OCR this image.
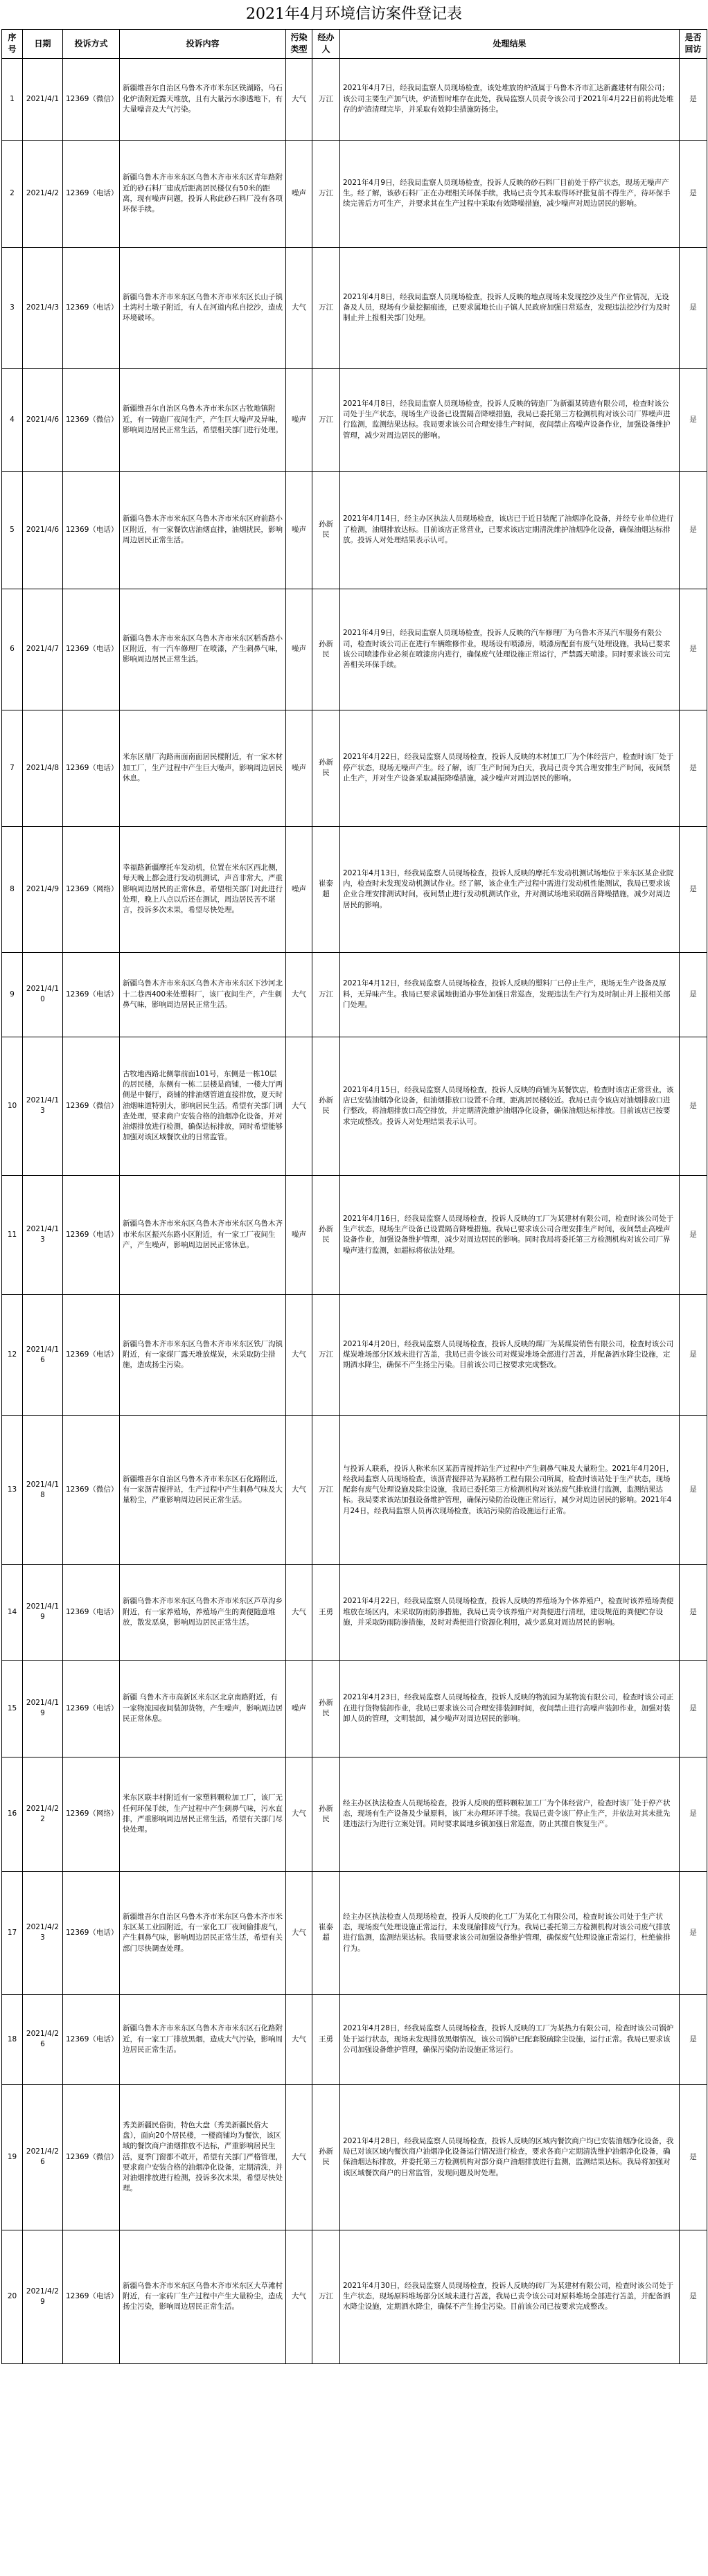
2021年4月环境信访案件登记表
序号	日期	投诉方式	投诉内容	污染类型	经办人	处理结果	是否回访
1	2021/4/1	12369（微信）	新疆维吾尔自治区乌鲁木齐市米东区铁湖路，乌石化炉渣附近露天堆放，且有大量污水渗透地下，有大量噪音及大气污染。	大气	万江	2021年4月7日，经我局监察人员现场检查，该处堆放的炉渣属于乌鲁木齐市汇达新鑫建材有限公司；该公司主要生产加气块，炉渣暂时堆存在此处，我局监察人员责令该公司于2021年4月22日前将此处堆存的炉渣清理完毕，并采取有效抑尘措施防扬尘。	是
2	2021/4/2	12369（电话）	新疆乌鲁木齐市米东区乌鲁木齐市米东区青年路附近的砂石料厂建成后距离居民楼仅有50米的距离，现有噪声问题，投诉人称此砂石料厂没有各项环保手续。	噪声	万江	2021年4月9日，经我局监察人员现场检查，投诉人反映的砂石料厂目前处于停产状态，现场无噪声产生。经了解，该砂石料厂正在办理相关环保手续，我局已责令其未取得环评批复前不得生产，待环保手续完善后方可生产，并要求其在生产过程中采取有效降噪措施，减少噪声对周边居民的影响。	是
3	2021/4/3	12369（电话）	新疆乌鲁木齐市米东区乌鲁木齐市米东区长山子镇土湾村土墩子附近，有人在河道内私自挖沙，造成环境破坏。	大气	万江	2021年4月8日，经我局监察人员现场检查，投诉人反映的地点现场未发现挖沙及生产作业情况，无设备及人员，现场有少量挖掘痕迹，已要求属地长山子镇人民政府加强日常巡查，发现违法挖沙行为及时制止并上报相关部门处理。	是
4	2021/4/6	12369（微信）	新疆维吾尔自治区乌鲁木齐市米东区古牧地镇附近，有一铸造厂夜间生产，产生巨大噪声及异味，影响周边居民正常生活，希望相关部门进行处理。	噪声	万江	2021年4月8日，经我局监察人员现场检查，投诉人反映的铸造厂为新疆某铸造有限公司，检查时该公司处于生产状态，现场生产设备已设置隔音降噪措施，我局已委托第三方检测机构对该公司厂界噪声进行监测，监测结果达标。我局要求该公司合理安排生产时间，夜间禁止高噪声设备作业，加强设备维护管理，减少对周边居民的影响。	是
5	2021/4/6	12369（电话）	新疆乌鲁木齐市米东区乌鲁木齐市米东区府前路小区附近，有一家餐饮店油烟直排，油烟扰民，影响周边居民正常生活。	噪声	孙新民	2021年4月14日，经主办区执法人员现场检查，该店已于近日装配了油烟净化设备，并经专业单位进行了检测，油烟排放达标。目前该店正常营业，已要求该店定期清洗维护油烟净化设备，确保油烟达标排放。投诉人对处理结果表示认可。	是
6	2021/4/7	12369（电话）	新疆乌鲁木齐市米东区乌鲁木齐市米东区稻香路小区附近，有一汽车修理厂在喷漆，产生刺鼻气味，影响周边居民正常生活。	噪声	孙新民	2021年4月9日，经我局监察人员现场检查，投诉人反映的汽车修理厂为乌鲁木齐某汽车服务有限公司，检查时该公司正在进行车辆维修作业，现场设有喷漆房，喷漆房配套有废气处理设施，我局已要求该公司喷漆作业必须在喷漆房内进行，确保废气处理设施正常运行，严禁露天喷漆。同时要求该公司完善相关环保手续。	是
7	2021/4/8	12369（电话）	米东区鼎厂沟路南面南面居民楼附近，有一家木材加工厂，生产过程中产生巨大噪声，影响周边居民休息。	噪声	孙新民	2021年4月22日，经我局监察人员现场检查，投诉人反映的木材加工厂为个体经营户，检查时该厂处于停产状态，现场无噪声产生。经了解，该厂生产时间为白天，我局已责令其合理安排生产时间，夜间禁止生产，并对生产设备采取减振降噪措施，减少噪声对周边居民的影响。	是
8	2021/4/9	12369（网络）	幸福路新疆摩托车发动机，位置在米东区西北侧，每天晚上都会进行发动机测试，声音非常大，严重影响周边居民的正常休息，希望相关部门对此进行处理，晚上八点以后还在测试，周边居民苦不堪言，投诉多次未果，希望尽快处理。	噪声	崔泰超	2021年4月13日，经我局监察人员现场检查，投诉人反映的摩托车发动机测试场地位于米东区某企业院内，检查时未发现发动机测试作业。经了解，该企业生产过程中需进行发动机性能测试，我局已要求该企业合理安排测试时间，夜间禁止进行发动机测试作业，并对测试场地采取隔音降噪措施，减少对周边居民的影响。	是
9	2021/4/10	12369（电话）	新疆乌鲁木齐市米东区乌鲁木齐市米东区下沙河北十二巷西400米处塑料厂，该厂夜间生产，产生刺鼻气味，影响周边居民正常生活。	大气	万江	2021年4月12日，经我局监察人员现场检查，投诉人反映的塑料厂已停止生产，现场无生产设备及原料，无异味产生。我局已要求属地街道办事处加强日常巡查，发现违法生产行为及时制止并上报相关部门处理。	是
10	2021/4/13	12369（微信）	古牧地西路北侧靠前面101号，东侧是一栋10层的居民楼，东侧有一栋二层楼是商铺，一楼大厅两侧是中餐厅，商铺的排油烟管道直接排放，夏天时油烟味道特别大，影响居民生活。希望有关部门调查处理，要求商户安装合格的油烟净化设备，并对油烟排放进行检测，确保达标排放，同时希望能够加强对该区域餐饮业的日常监管。	大气	孙新民	2021年4月15日，经我局监察人员现场检查，投诉人反映的商铺为某餐饮店，检查时该店正常营业，该店已安装油烟净化设备，但油烟排放口设置不合理，距离居民楼较近。我局已责令该店对油烟排放口进行整改，将油烟排放口高空排放，并定期清洗维护油烟净化设备，确保油烟达标排放。目前该店已按要求完成整改。投诉人对处理结果表示认可。	是
11	2021/4/13	12369（电话）	新疆乌鲁木齐市米东区乌鲁木齐市米东区乌鲁木齐市米东区振兴东路小区附近，有一家工厂夜间生产，产生噪声，影响周边居民正常休息。	噪声	孙新民	2021年4月16日，经我局监察人员现场检查，投诉人反映的工厂为某建材有限公司，检查时该公司处于生产状态，现场生产设备已设置隔音降噪措施。我局已要求该公司合理安排生产时间，夜间禁止高噪声设备作业，加强设备维护管理，减少对周边居民的影响。同时我局将委托第三方检测机构对该公司厂界噪声进行监测，如超标将依法处理。	是
12	2021/4/16	12369（电话）	新疆乌鲁木齐市米东区乌鲁木齐市米东区铁厂沟镇附近，有一家煤厂露天堆放煤炭，未采取防尘措施，造成扬尘污染。	大气	万江	2021年4月20日，经我局监察人员现场检查，投诉人反映的煤厂为某煤炭销售有限公司，检查时该公司煤炭堆场部分区域未进行苫盖，我局已责令该公司对煤炭堆场全部进行苫盖，并配备洒水降尘设施，定期洒水降尘，确保不产生扬尘污染。目前该公司已按要求完成整改。	是
13	2021/4/18	12369（微信）	新疆维吾尔自治区乌鲁木齐市米东区石化路附近，有一家沥青搅拌站，生产过程中产生刺鼻气味及大量粉尘，严重影响周边居民正常生活。	大气	万江	与投诉人联系，投诉人称米东区某沥青搅拌站生产过程中产生刺鼻气味及大量粉尘。2021年4月20日，经我局监察人员现场检查，该沥青搅拌站为某路桥工程有限公司所属，检查时该站处于生产状态，现场配套有废气处理设施及除尘设施，我局已委托第三方检测机构对该站废气排放进行监测，监测结果达标。我局要求该站加强设备维护管理，确保污染防治设施正常运行，减少对周边居民的影响。2021年4月24日，经我局监察人员再次现场检查，该站污染防治设施运行正常。	是
14	2021/4/19	12369（电话）	新疆乌鲁木齐市米东区乌鲁木齐市米东区芦草沟乡附近，有一家养殖场，养殖场产生的粪便随意堆放，散发恶臭，影响周边居民正常生活。	大气	王勇	2021年4月22日，经我局监察人员现场检查，投诉人反映的养殖场为个体养殖户，检查时该养殖场粪便堆放在场区内，未采取防雨防渗措施，我局已责令该养殖户对粪便进行清理，建设规范的粪便贮存设施，并采取防雨防渗措施，及时对粪便进行资源化利用，减少恶臭对周边居民的影响。	是
15	2021/4/19	12369（电话）	新疆 乌鲁木齐市高新区米东区北京南路附近，有一家物流园夜间装卸货物，产生噪声，影响周边居民正常休息。	噪声	孙新民	2021年4月23日，经我局监察人员现场检查，投诉人反映的物流园为某物流有限公司，检查时该公司正在进行货物装卸作业，我局已要求该公司合理安排装卸时间，夜间禁止进行高噪声装卸作业，加强对装卸人员的管理，文明装卸，减少噪声对周边居民的影响。	是
16	2021/4/22	12369（网络）	米东区联丰村附近有一家塑料颗粒加工厂，该厂无任何环保手续，生产过程中产生刺鼻气味，污水直排，严重影响周边居民正常生活，希望有关部门尽快处理。	大气	孙新民	经主办区执法检查人员现场检查，投诉人反映的塑料颗粒加工厂为个体经营户，检查时该厂处于停产状态，现场有生产设备及少量原料，该厂未办理环评手续。我局已责令该厂停止生产，并依法对其未批先建违法行为进行立案处罚。同时要求属地乡镇加强日常巡查，防止其擅自恢复生产。	是
17	2021/4/23	12369（电话）	新疆维吾尔自治区乌鲁木齐市米东区乌鲁木齐市米东区某工业园附近，有一家化工厂夜间偷排废气，产生刺鼻气味，影响周边居民正常生活，希望有关部门尽快调查处理。	大气	崔泰超	经主办区执法检查人员现场检查，投诉人反映的化工厂为某化工有限公司，检查时该公司处于生产状态，现场废气处理设施正常运行，未发现偷排废气行为。我局已委托第三方检测机构对该公司废气排放进行监测，监测结果达标。我局要求该公司加强设备维护管理，确保废气处理设施正常运行，杜绝偷排行为。	是
18	2021/4/26	12369（电话）	新疆乌鲁木齐市米东区乌鲁木齐市米东区石化路附近，有一家工厂排放黑烟，造成大气污染，影响周边居民正常生活。	大气	王勇	2021年4月28日，经我局监察人员现场检查，投诉人反映的工厂为某热力有限公司，检查时该公司锅炉处于运行状态，现场未发现排放黑烟情况，该公司锅炉已配套脱硫除尘设施，运行正常。我局已要求该公司加强设备维护管理，确保污染防治设施正常运行。	是
19	2021/4/26	12369（微信）	秀美新疆民俗街，特色大盘（秀美新疆民俗大盘），面向20个居民楼，一楼商铺均为餐饮，该区域的餐饮商户油烟排放不达标，严重影响居民生活，夏季门窗都不敢开，希望有关部门严格管理，要求商户安装合格的油烟净化设备，定期清洗，并对油烟排放进行检测，投诉多次未果，希望尽快处理。	大气	孙新民	2021年4月28日，经我局监察人员现场检查，投诉人反映的区域内餐饮商户均已安装油烟净化设备，我局已对该区域内餐饮商户油烟净化设备运行情况进行检查，要求各商户定期清洗维护油烟净化设备，确保油烟达标排放，并委托第三方检测机构对部分商户油烟排放进行监测，监测结果达标。我局将加强对该区域餐饮商户的日常监管，发现问题及时处理。	是
20	2021/4/29	12369（电话）	新疆乌鲁木齐市米东区乌鲁木齐市米东区大草滩村附近，有一家砖厂生产过程中产生大量粉尘，造成扬尘污染，影响周边居民正常生活。	大气	万江	2021年4月30日，经我局监察人员现场检查，投诉人反映的砖厂为某建材有限公司，检查时该公司处于生产状态，现场原料堆场部分区域未进行苫盖，我局已责令该公司对原料堆场全部进行苫盖，并配备洒水降尘设施，定期洒水降尘，确保不产生扬尘污染。目前该公司已按要求完成整改。	是
